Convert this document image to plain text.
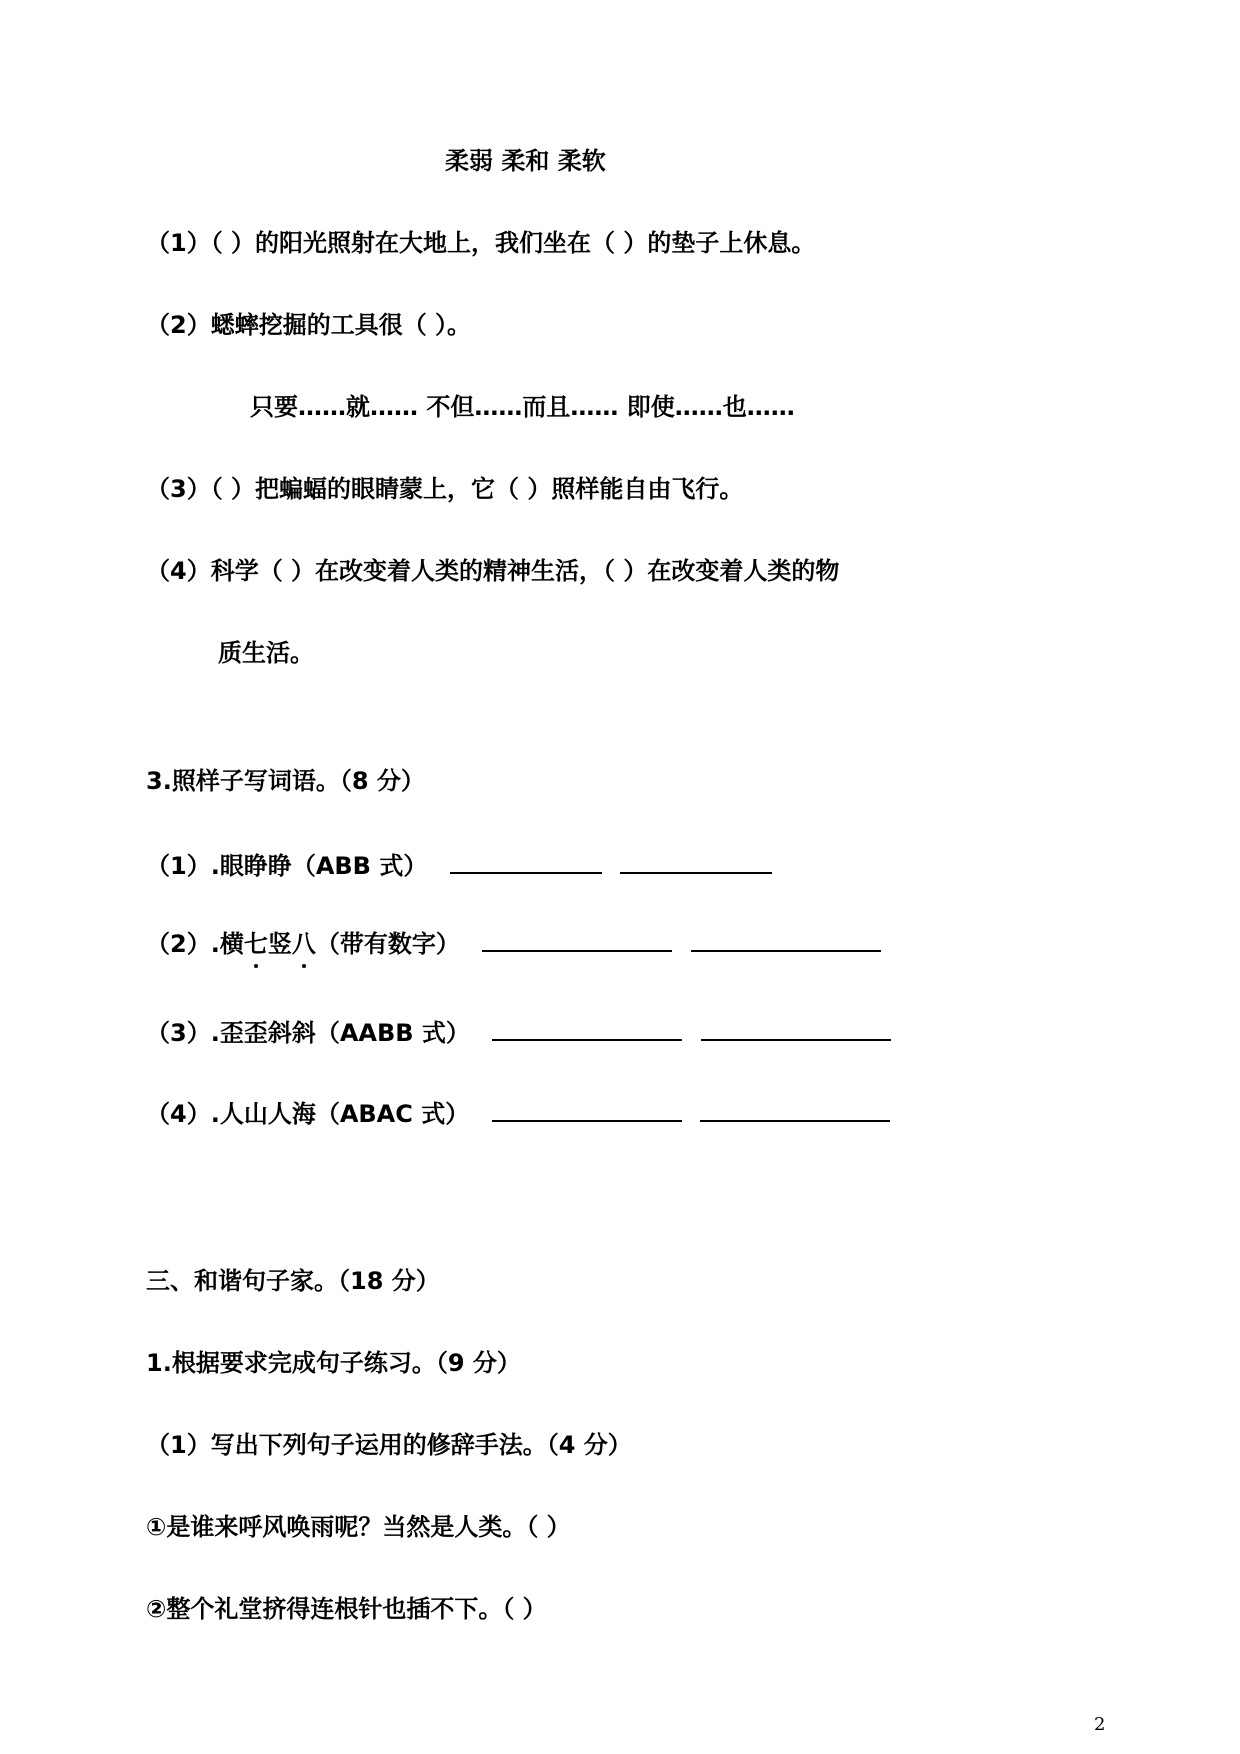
柔弱 柔和 柔软
（1）（ ）的阳光照射在大地上，我们坐在（ ）的垫子上休息。
（2）蟋蟀挖掘的工具很（ ）。
只要……就…… 不但……而且…… 即使……也……
（3）（ ）把蝙蝠的眼睛蒙上，它（ ）照样能自由飞行。
（4）科学（ ）在改变着人类的精神生活，（ ）在改变着人类的物
质生活。
3.照样子写词语。（8 分）
（1）.眼睁睁（ABB 式）
（2）.横七竖八（带有数字）
（3）.歪歪斜斜（AABB 式）
（4）.人山人海（ABAC 式）
三、和谐句子家。（18 分）
1.根据要求完成句子练习。（9 分）
（1）写出下列句子运用的修辞手法。（4 分）
①是谁来呼风唤雨呢？当然是人类。（ ）
②整个礼堂挤得连根针也插不下。（ ）
2
